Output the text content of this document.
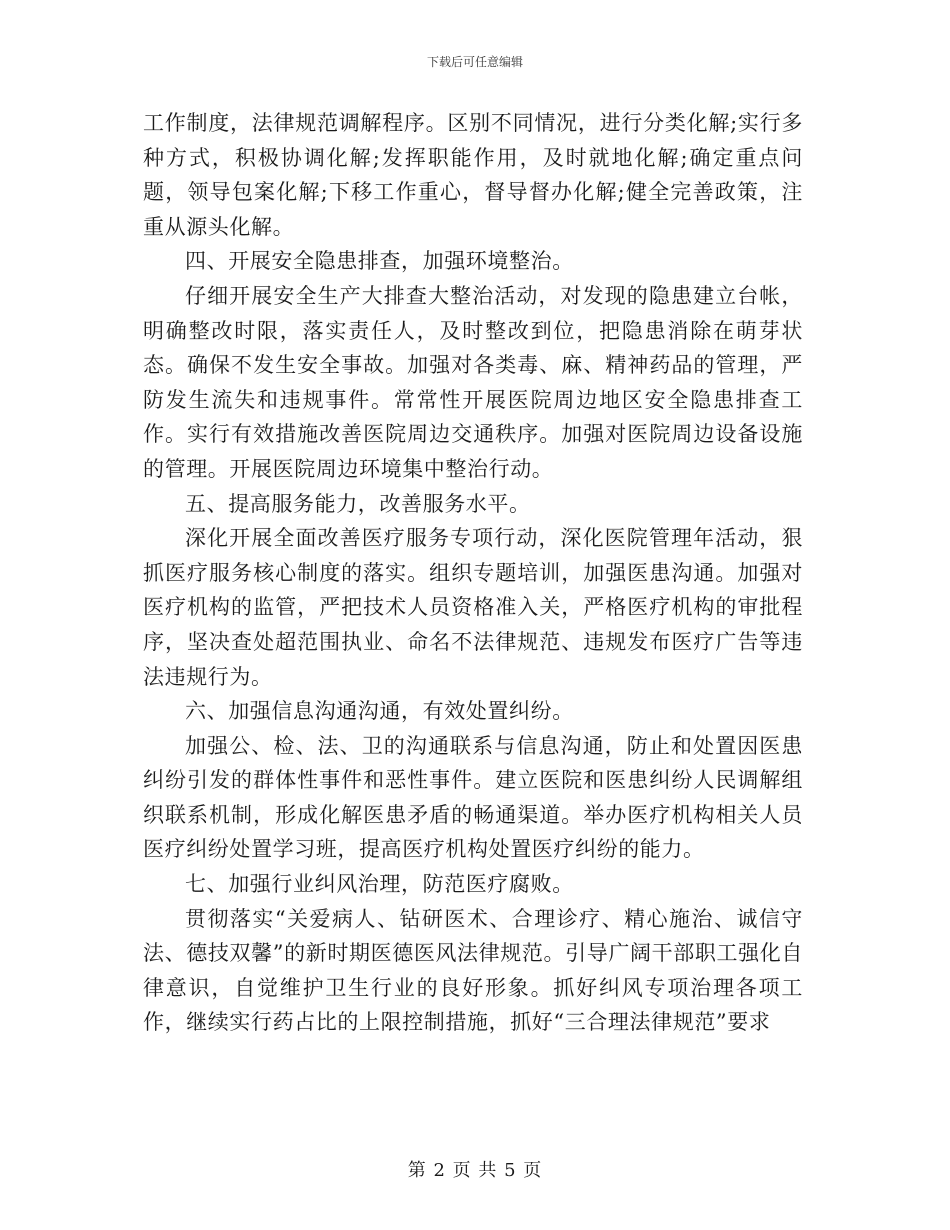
下载后可任意编辑

工作制度，法律规范调解程序。区别不同情况，进行分类化解;实行多种方式，积极协调化解;发挥职能作用，及时就地化解;确定重点问题，领导包案化解;下移工作重心，督导督办化解;健全完善政策，注重从源头化解。

四、开展安全隐患排查，加强环境整治。

仔细开展安全生产大排查大整治活动，对发现的隐患建立台帐，明确整改时限，落实责任人，及时整改到位，把隐患消除在萌芽状态。确保不发生安全事故。加强对各类毒、麻、精神药品的管理，严防发生流失和违规事件。常常性开展医院周边地区安全隐患排查工作。实行有效措施改善医院周边交通秩序。加强对医院周边设备设施的管理。开展医院周边环境集中整治行动。

五、提高服务能力，改善服务水平。

深化开展全面改善医疗服务专项行动，深化医院管理年活动，狠抓医疗服务核心制度的落实。组织专题培训，加强医患沟通。加强对医疗机构的监管，严把技术人员资格准入关，严格医疗机构的审批程序，坚决查处超范围执业、命名不法律规范、违规发布医疗广告等违法违规行为。

六、加强信息沟通沟通，有效处置纠纷。

加强公、检、法、卫的沟通联系与信息沟通，防止和处置因医患纠纷引发的群体性事件和恶性事件。建立医院和医患纠纷人民调解组织联系机制，形成化解医患矛盾的畅通渠道。举办医疗机构相关人员医疗纠纷处置学习班，提高医疗机构处置医疗纠纷的能力。

七、加强行业纠风治理，防范医疗腐败。

贯彻落实“关爱病人、钻研医术、合理诊疗、精心施治、诚信守法、德技双馨”的新时期医德医风法律规范。引导广阔干部职工强化自律意识，自觉维护卫生行业的良好形象。抓好纠风专项治理各项工作，继续实行药占比的上限控制措施，抓好“三合理法律规范”要求

第 2 页 共 5 页
